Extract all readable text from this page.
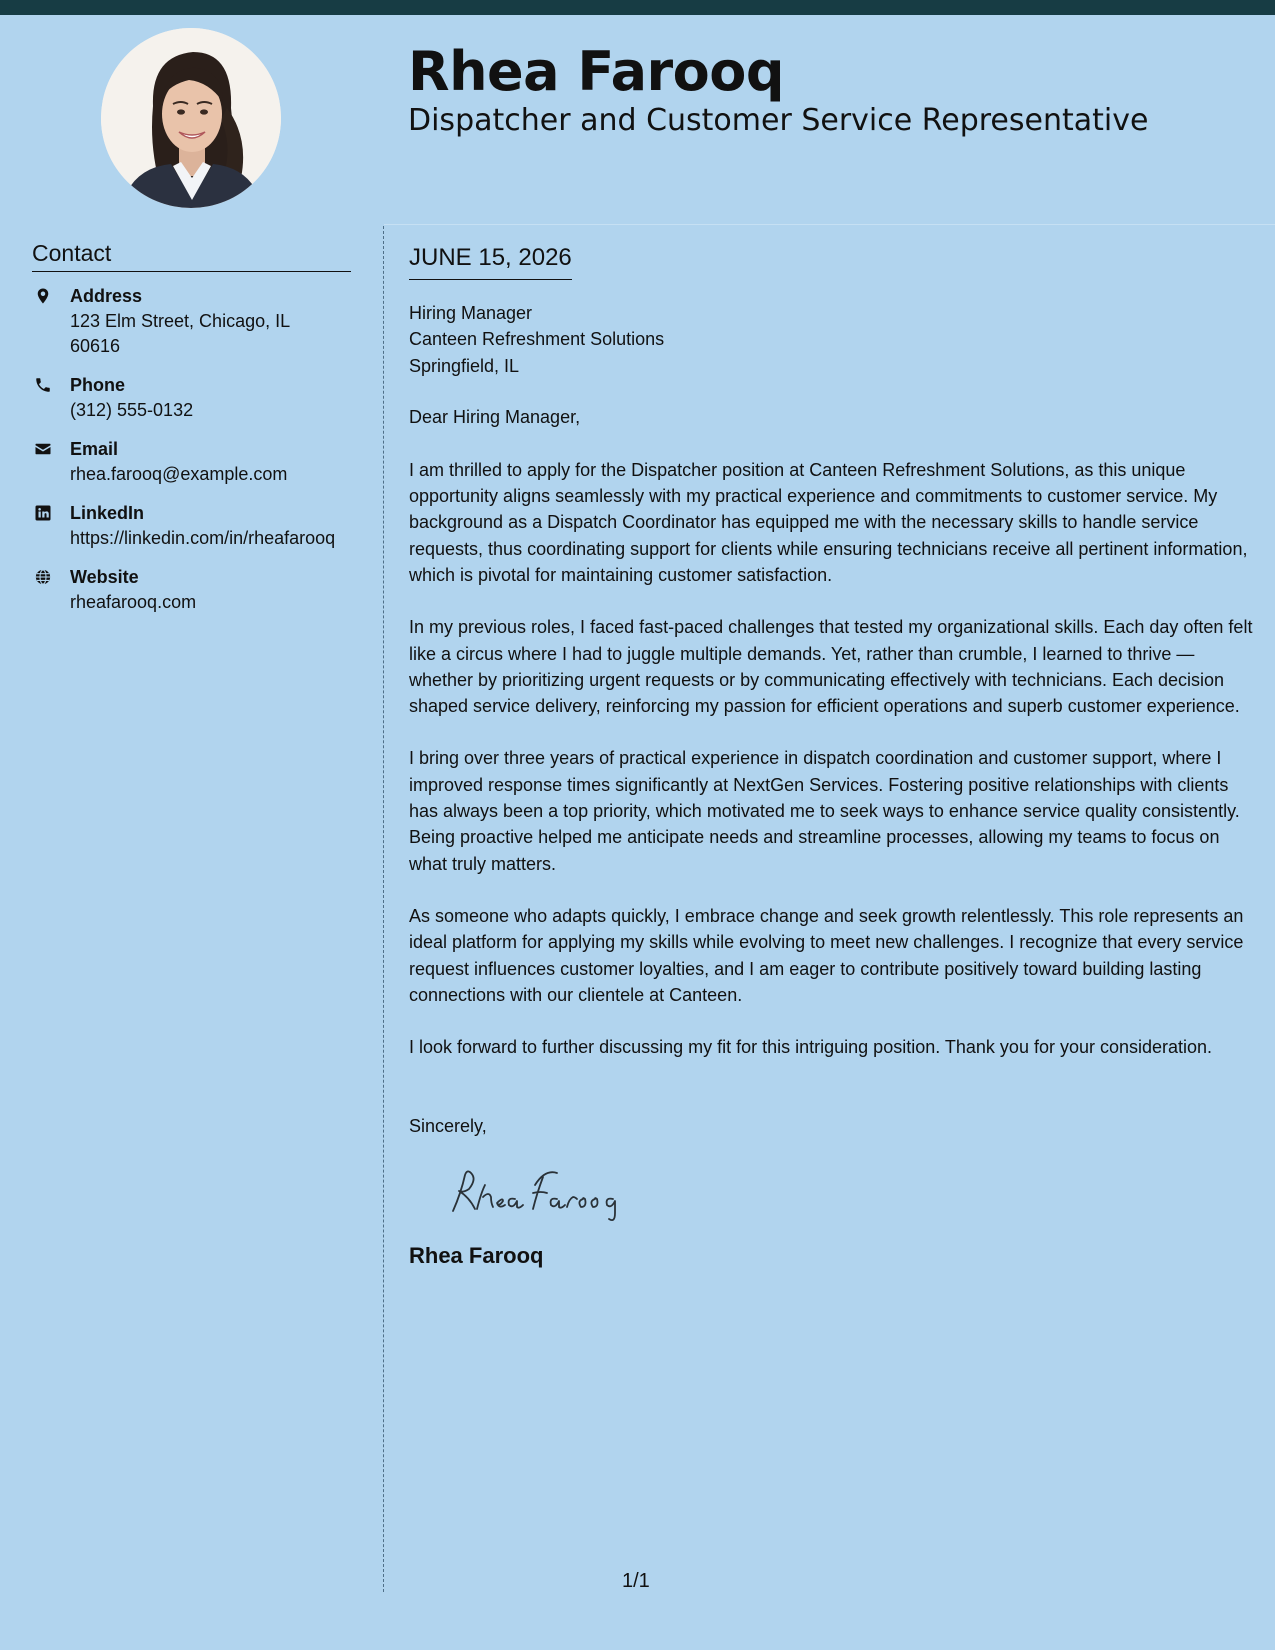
Rhea Farooq
Dispatcher and Customer Service Representative
Contact
Address
123 Elm Street, Chicago, IL 60616
Phone
(312) 555-0132
Email
rhea.farooq@example.com
LinkedIn
https://linkedin.com/in/rheafarooq
Website
rheafarooq.com
JUNE 15, 2026
Hiring Manager
Canteen Refreshment Solutions
Springfield, IL
Dear Hiring Manager,

I am thrilled to apply for the Dispatcher position at Canteen Refreshment Solutions, as this unique opportunity aligns seamlessly with my practical experience and commitments to customer service. My background as a Dispatch Coordinator has equipped me with the necessary skills to handle service requests, thus coordinating support for clients while ensuring technicians receive all pertinent information, which is pivotal for maintaining customer satisfaction.

In my previous roles, I faced fast-paced challenges that tested my organizational skills. Each day often felt like a circus where I had to juggle multiple demands. Yet, rather than crumble, I learned to thrive — whether by prioritizing urgent requests or by communicating effectively with technicians. Each decision shaped service delivery, reinforcing my passion for efficient operations and superb customer experience.

I bring over three years of practical experience in dispatch coordination and customer support, where I improved response times significantly at NextGen Services. Fostering positive relationships with clients has always been a top priority, which motivated me to seek ways to enhance service quality consistently. Being proactive helped me anticipate needs and streamline processes, allowing my teams to focus on what truly matters.

As someone who adapts quickly, I embrace change and seek growth relentlessly. This role represents an ideal platform for applying my skills while evolving to meet new challenges. I recognize that every service request influences customer loyalties, and I am eager to contribute positively toward building lasting connections with our clientele at Canteen.

I look forward to further discussing my fit for this intriguing position. Thank you for your consideration.

Sincerely,
Rhea Farooq
1/1
